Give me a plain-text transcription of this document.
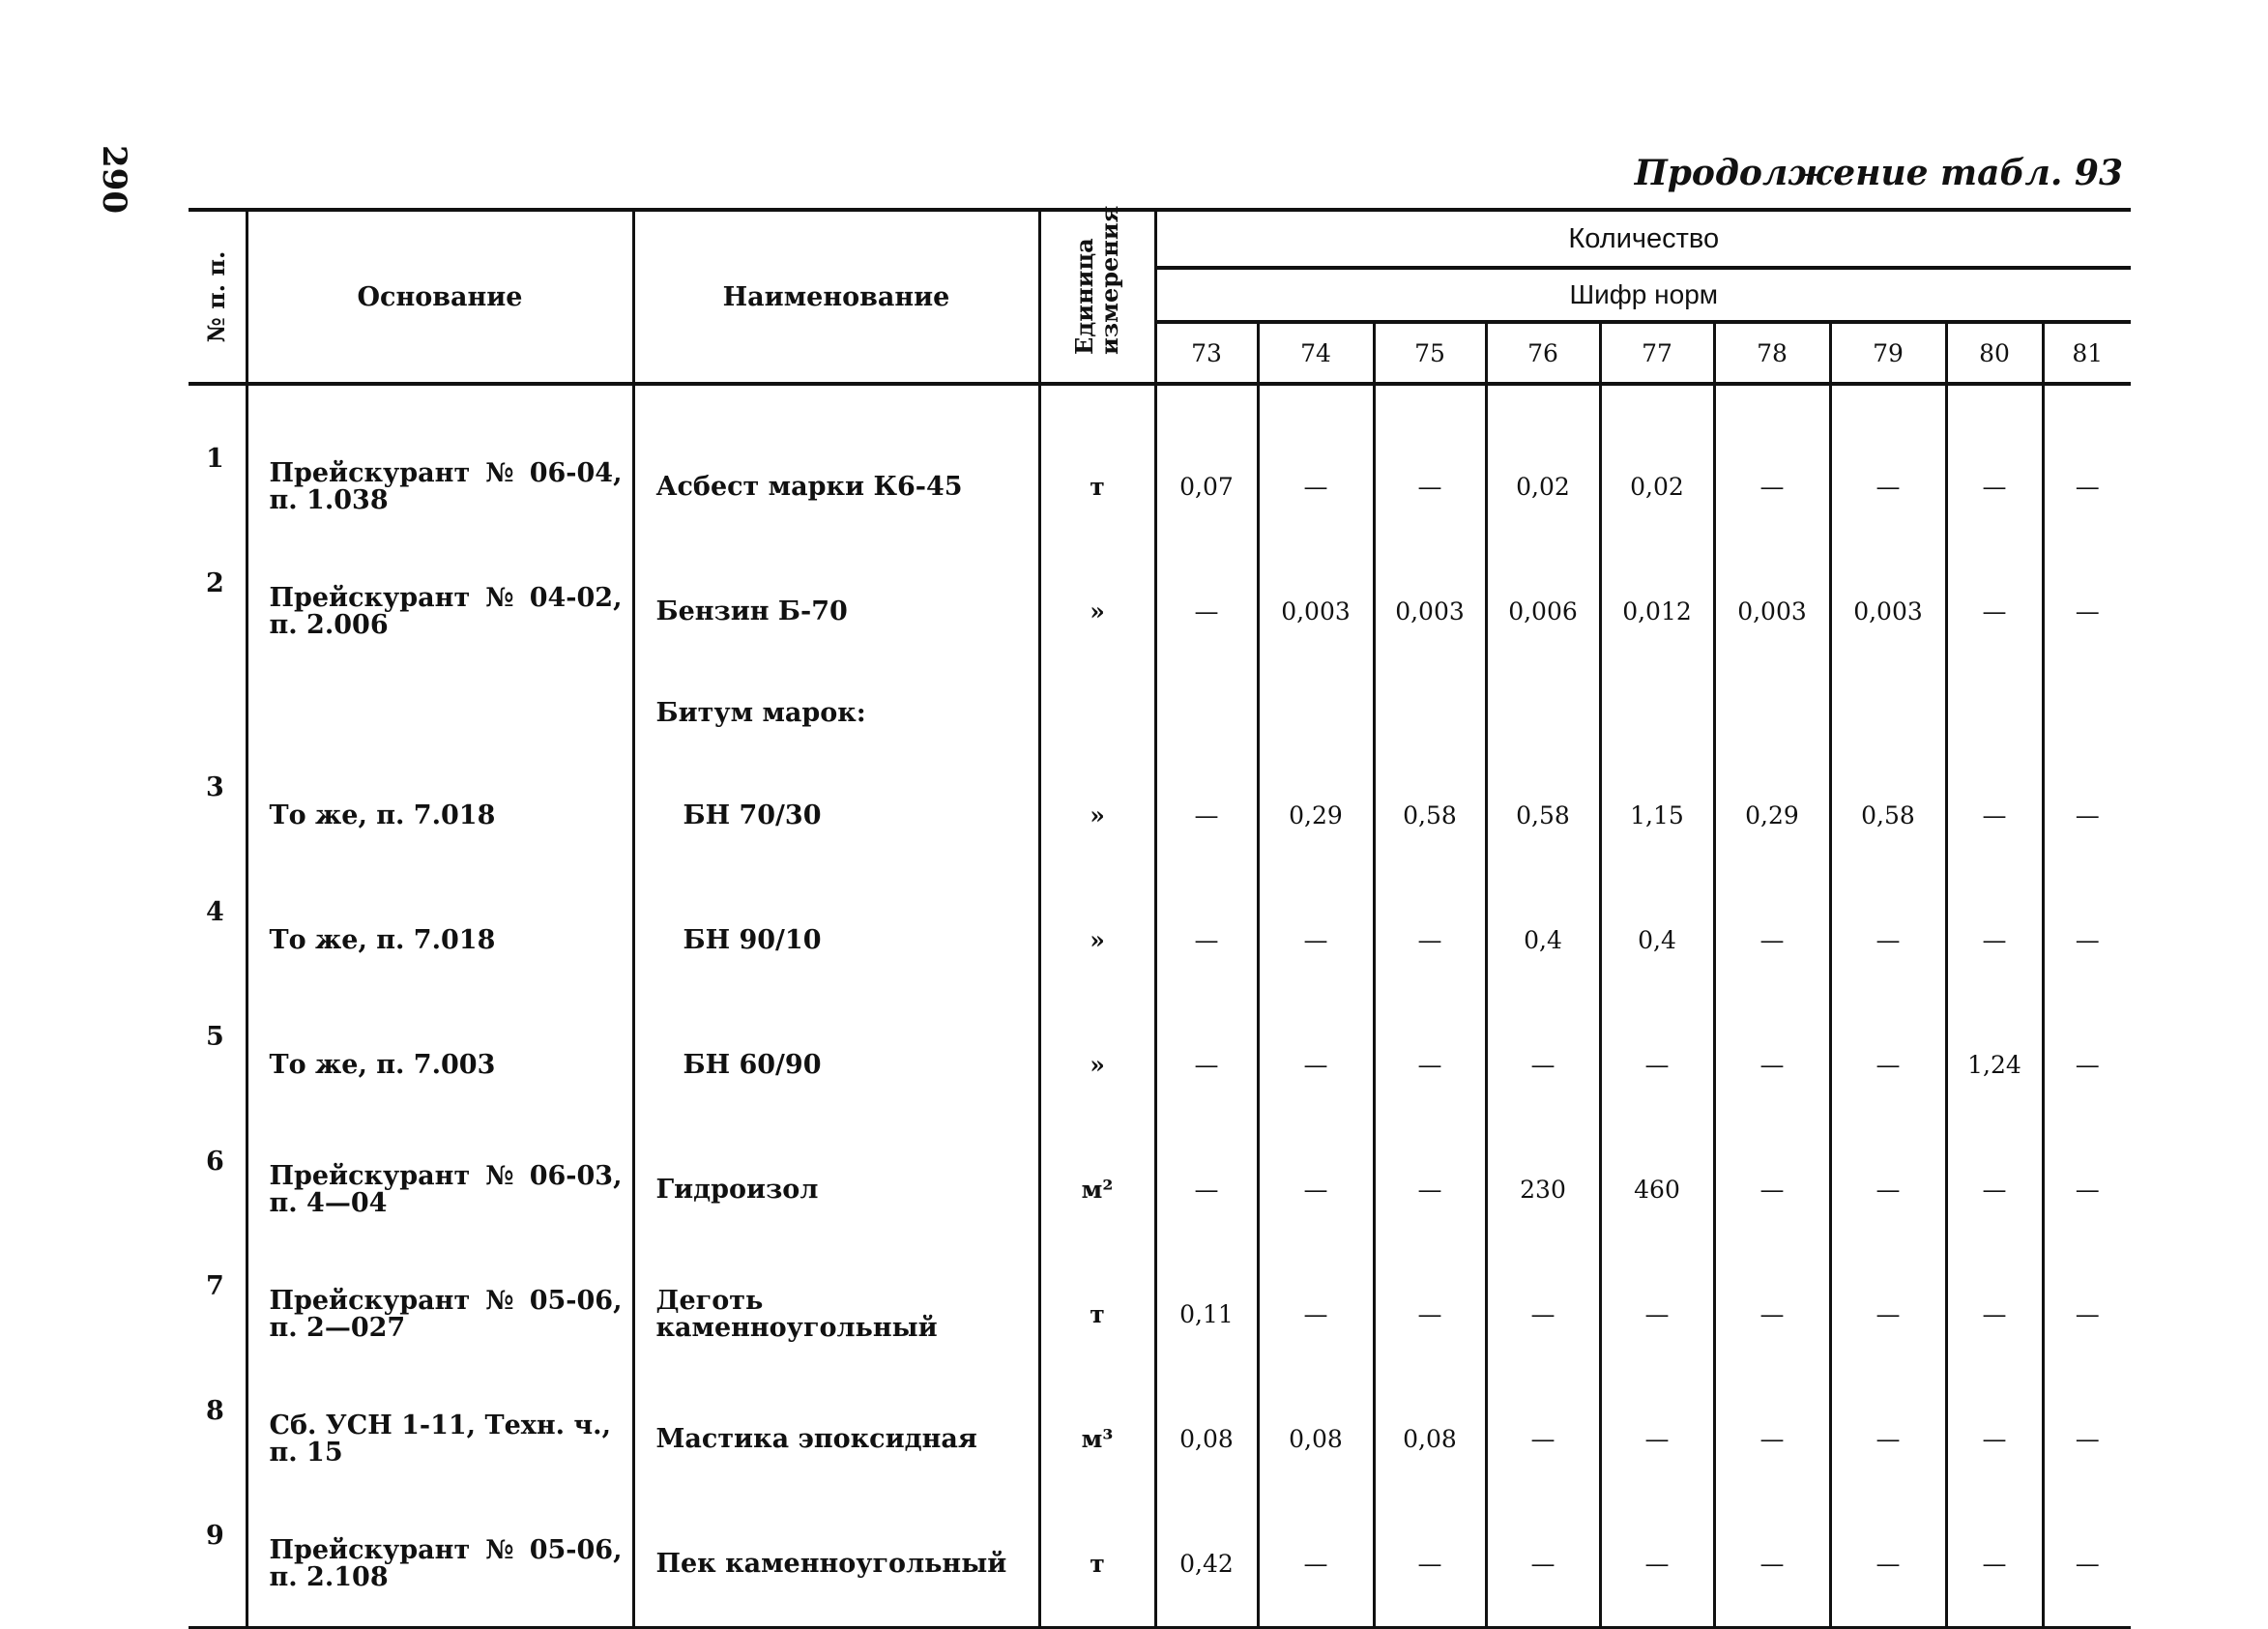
290	Продолжение табл. 93
№ п. п.	Основание	Наименование	Единица измерения	Количество								
				Шифр норм								
				73	74	75	76	77	78	79	80	81

1	Прейскурант № 06-04,
п. 1.038	Асбест марки К6-45	т	0,07	—	—	0,02	0,02	—	—	—	—
2	Прейскурант № 04-02,
п. 2.006	Бензин Б-70	»	—	0,003	0,003	0,006	0,012	0,003	0,003	—	—
		Битум марок:										
3	То же, п. 7.018	БН 70/30	»	—	0,29	0,58	0,58	1,15	0,29	0,58	—	—
4	То же, п. 7.018	БН 90/10	»	—	—	—	0,4	0,4	—	—	—	—
5	То же, п. 7.003	БН 60/90	»	—	—	—	—	—	—	—	1,24	—
6	Прейскурант № 06-03,
п. 4—04	Гидроизол	м²	—	—	—	230	460	—	—	—	—
7	Прейскурант № 05-06,
п. 2—027	Деготь каменноугольный	т	0,11	—	—	—	—	—	—	—	—
8	Сб. УСН 1-11, Техн. ч.,
п. 15	Мастика эпоксидная	м³	0,08	0,08	0,08	—	—	—	—	—	—
9	Прейскурант № 05-06,
п. 2.108	Пек каменноугольный	т	0,42	—	—	—	—	—	—	—	—
